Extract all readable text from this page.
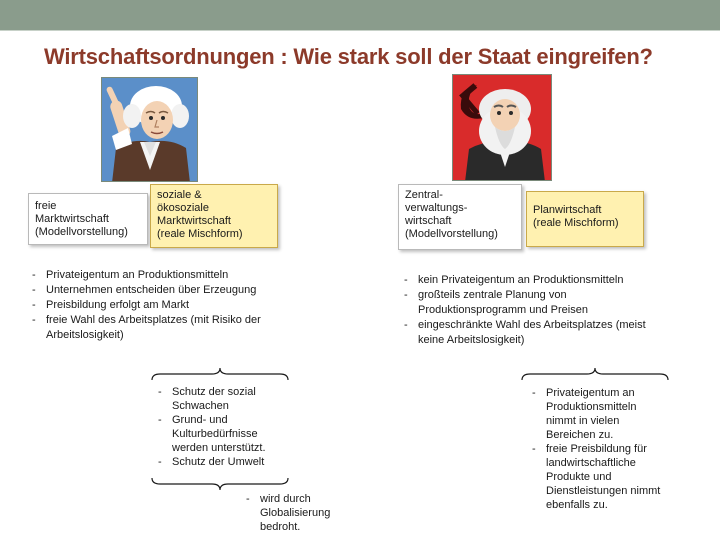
Wirtschaftsordnungen : Wie stark soll der Staat eingreifen?
freie
Marktwirtschaft
(Modellvorstellung)
soziale &
ökosoziale
Marktwirtschaft
(reale Mischform)
Zentral-
verwaltungs-
wirtschaft
(Modellvorstellung)
Planwirtschaft
(reale Mischform)
- Privateigentum an Produktionsmitteln
- Unternehmen entscheiden über Erzeugung
- Preisbildung erfolgt am Markt
- freie Wahl des Arbeitsplatzes (mit Risiko der Arbeitslosigkeit)
- kein Privateigentum an Produktionsmitteln
- großteils zentrale Planung von Produktionsprogramm und Preisen
- eingeschränkte Wahl des Arbeitsplatzes (meist keine Arbeitslosigkeit)
- Schutz der sozial Schwachen
- Grund- und Kulturbedürfnisse werden unterstützt.
- Schutz der Umwelt
- wird durch Globalisierung bedroht.
- Privateigentum an Produktionsmitteln nimmt in vielen Bereichen zu.
- freie Preisbildung für landwirtschaftliche Produkte und Dienstleistungen nimmt ebenfalls zu.
